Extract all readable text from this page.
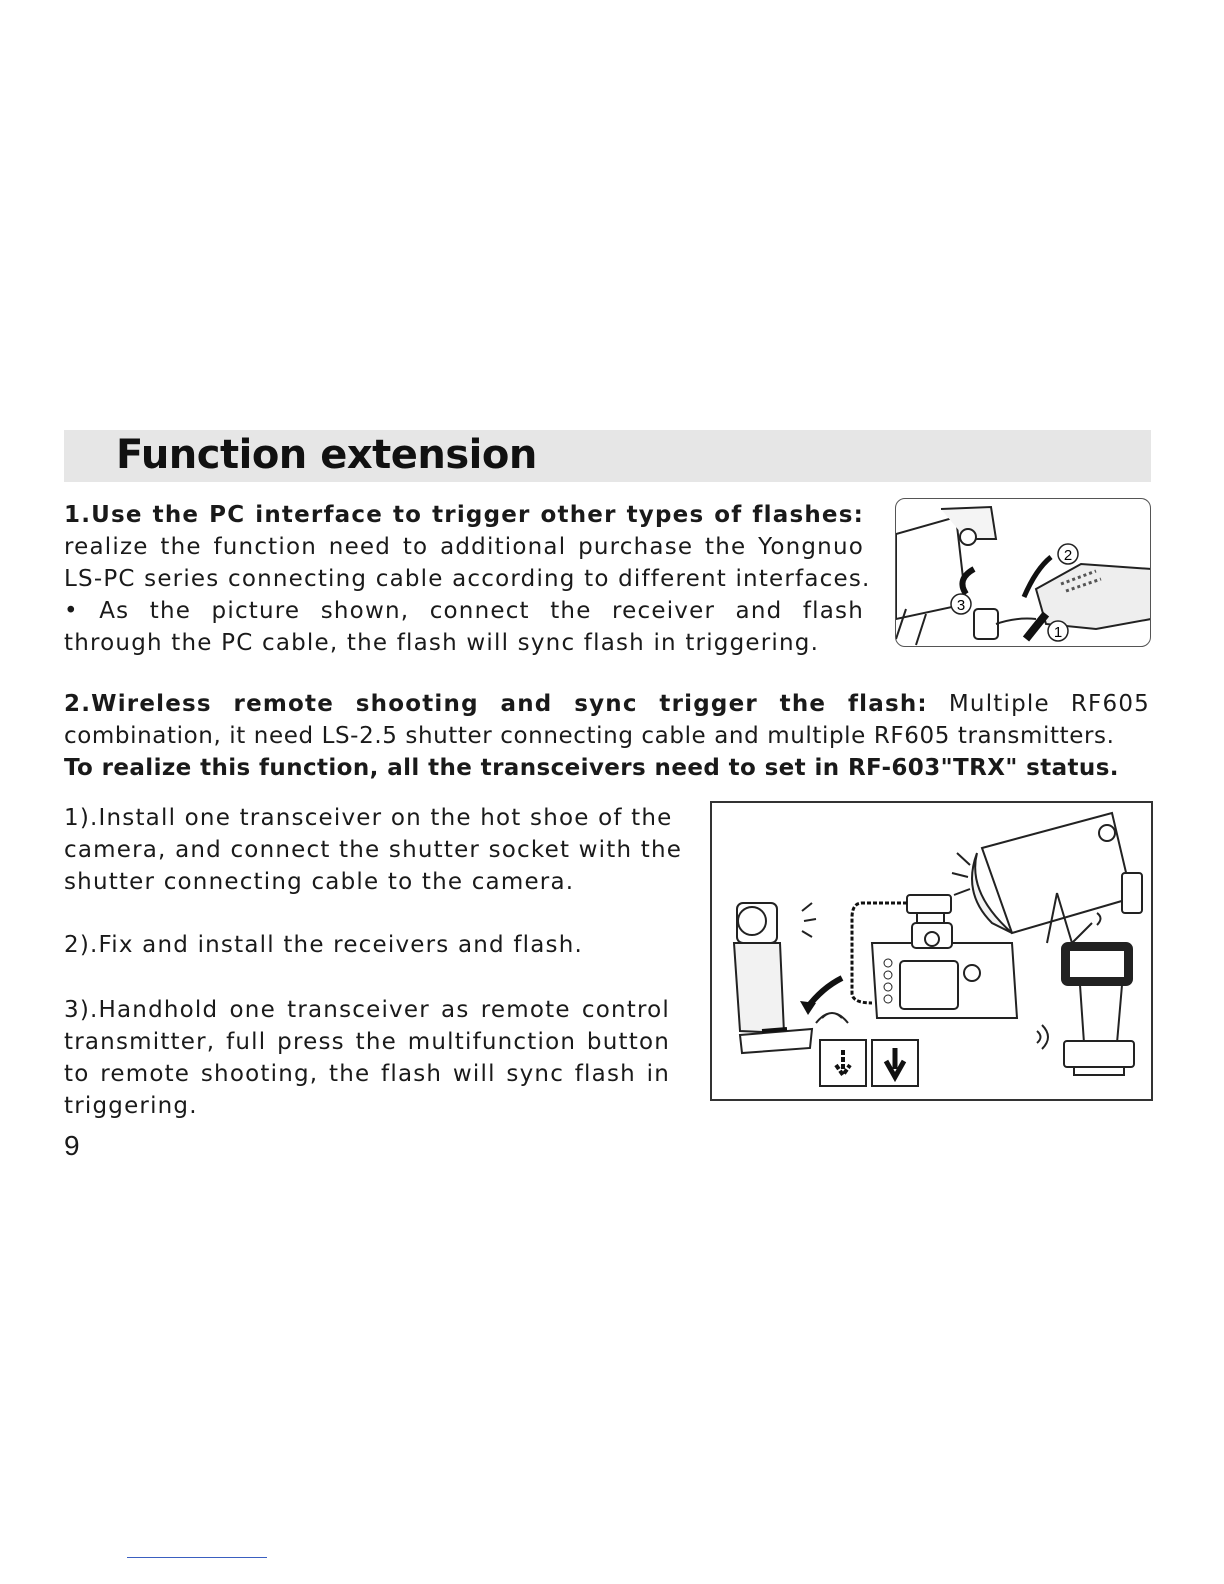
Function extension
1.Use the PC interface to trigger other types of flashes:
realize the function need to additional purchase the Yongnuo
LS-PC series connecting cable according to different interfaces.
• As the picture shown, connect the receiver and flash
through the PC cable, the flash will sync flash in triggering.
2
3
1
2.Wireless remote shooting and sync trigger the flash: Multiple RF605
combination, it need LS-2.5 shutter connecting cable and multiple RF605 transmitters.
To realize this function, all the transceivers need to set in RF-603"TRX" status.
1).Install one transceiver on the hot shoe of the
camera, and connect the shutter socket with the
shutter connecting cable to the camera.
2).Fix and install the receivers and flash.
3).Handhold one transceiver as remote control
transmitter, full press the multifunction button
to remote shooting, the flash will sync flash in
triggering.
9
